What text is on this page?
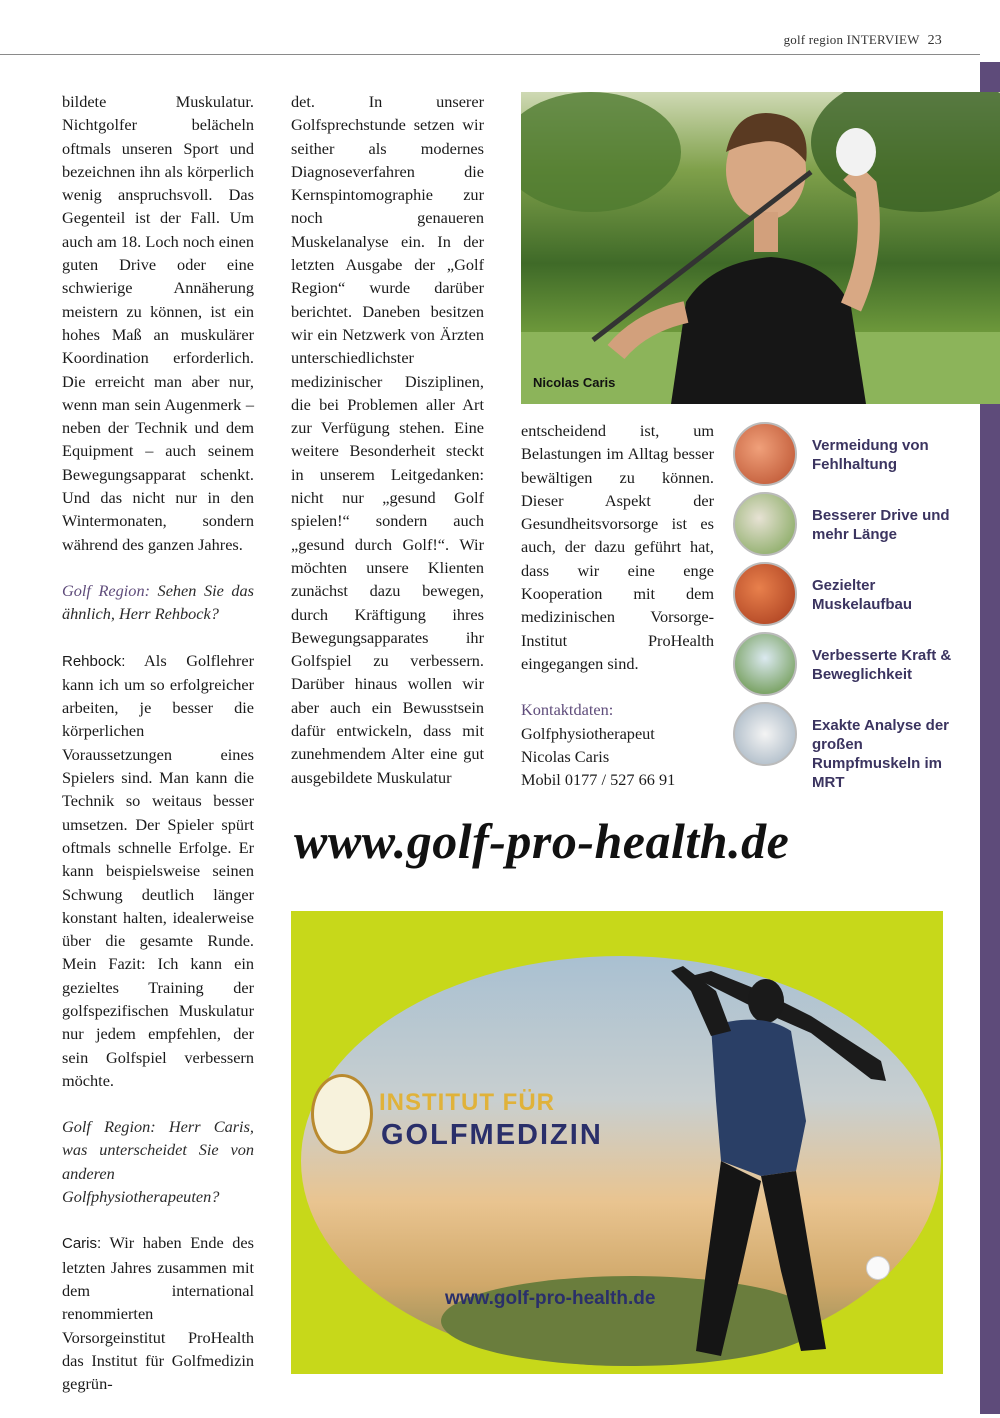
golf region INTERVIEW 23

bildete Muskulatur. Nichtgolfer belächeln oftmals unseren Sport und bezeichnen ihn als körperlich wenig anspruchsvoll. Das Gegenteil ist der Fall. Um auch am 18. Loch noch einen guten Drive oder eine schwierige Annäherung meistern zu können, ist ein hohes Maß an muskulärer Koordination erforderlich. Die erreicht man aber nur, wenn man sein Augenmerk – neben der Technik und dem Equipment – auch seinem Bewegungsapparat schenkt. Und das nicht nur in den Wintermonaten, sondern während des ganzen Jahres.

Golf Region: Sehen Sie das ähnlich, Herr Rehbock?

Rehbock: Als Golflehrer kann ich um so erfolgreicher arbeiten, je besser die körperlichen Voraussetzungen eines Spielers sind. Man kann die Technik so weitaus besser umsetzen. Der Spieler spürt oftmals schnelle Erfolge. Er kann beispielsweise seinen Schwung deutlich länger konstant halten, idealerweise über die gesamte Runde. Mein Fazit: Ich kann ein gezieltes Training der golfspezifischen Muskulatur nur jedem empfehlen, der sein Golfspiel verbessern möchte.

Golf Region: Herr Caris, was unterscheidet Sie von anderen Golfphysiotherapeuten?

Caris: Wir haben Ende des letzten Jahres zusammen mit dem international renommierten Vorsorgeinstitut ProHealth das Institut für Golfmedizin gegrün-

det. In unserer Golfsprechstunde setzen wir seither als modernes Diagnoseverfahren die Kernspintomographie zur noch genaueren Muskelanalyse ein. In der letzten Ausgabe der „Golf Region“ wurde darüber berichtet. Daneben besitzen wir ein Netzwerk von Ärzten unterschiedlichster medizinischer Disziplinen, die bei Problemen aller Art zur Verfügung stehen. Eine weitere Besonderheit steckt in unserem Leitgedanken: nicht nur „gesund Golf spielen!“ sondern auch „gesund durch Golf!“. Wir möchten unsere Klienten zunächst dazu bewegen, durch Kräftigung ihres Bewegungsapparates ihr Golfspiel zu verbessern. Darüber hinaus wollen wir aber auch ein Bewusstsein dafür entwickeln, dass mit zunehmendem Alter eine gut ausgebildete Muskulatur

Nicolas Caris

entscheidend ist, um Belastungen im Alltag besser bewältigen zu können. Dieser Aspekt der Gesundheitsvorsorge ist es auch, der dazu geführt hat, dass wir eine enge Kooperation mit dem medizinischen Vorsorge-Institut ProHealth eingegangen sind.

Kontaktdaten:
Golfphysiotherapeut
Nicolas Caris
Mobil 0177 / 527 66 91
Vermeidung von Fehlhaltung
Besserer Drive und mehr Länge
Gezielter Muskelaufbau
Verbesserte Kraft & Beweglichkeit
Exakte Analyse der großen Rumpfmuskeln im MRT
www.golf-pro-health.de
INSTITUT FÜR
GOLFMEDIZIN
www.golf-pro-health.de
